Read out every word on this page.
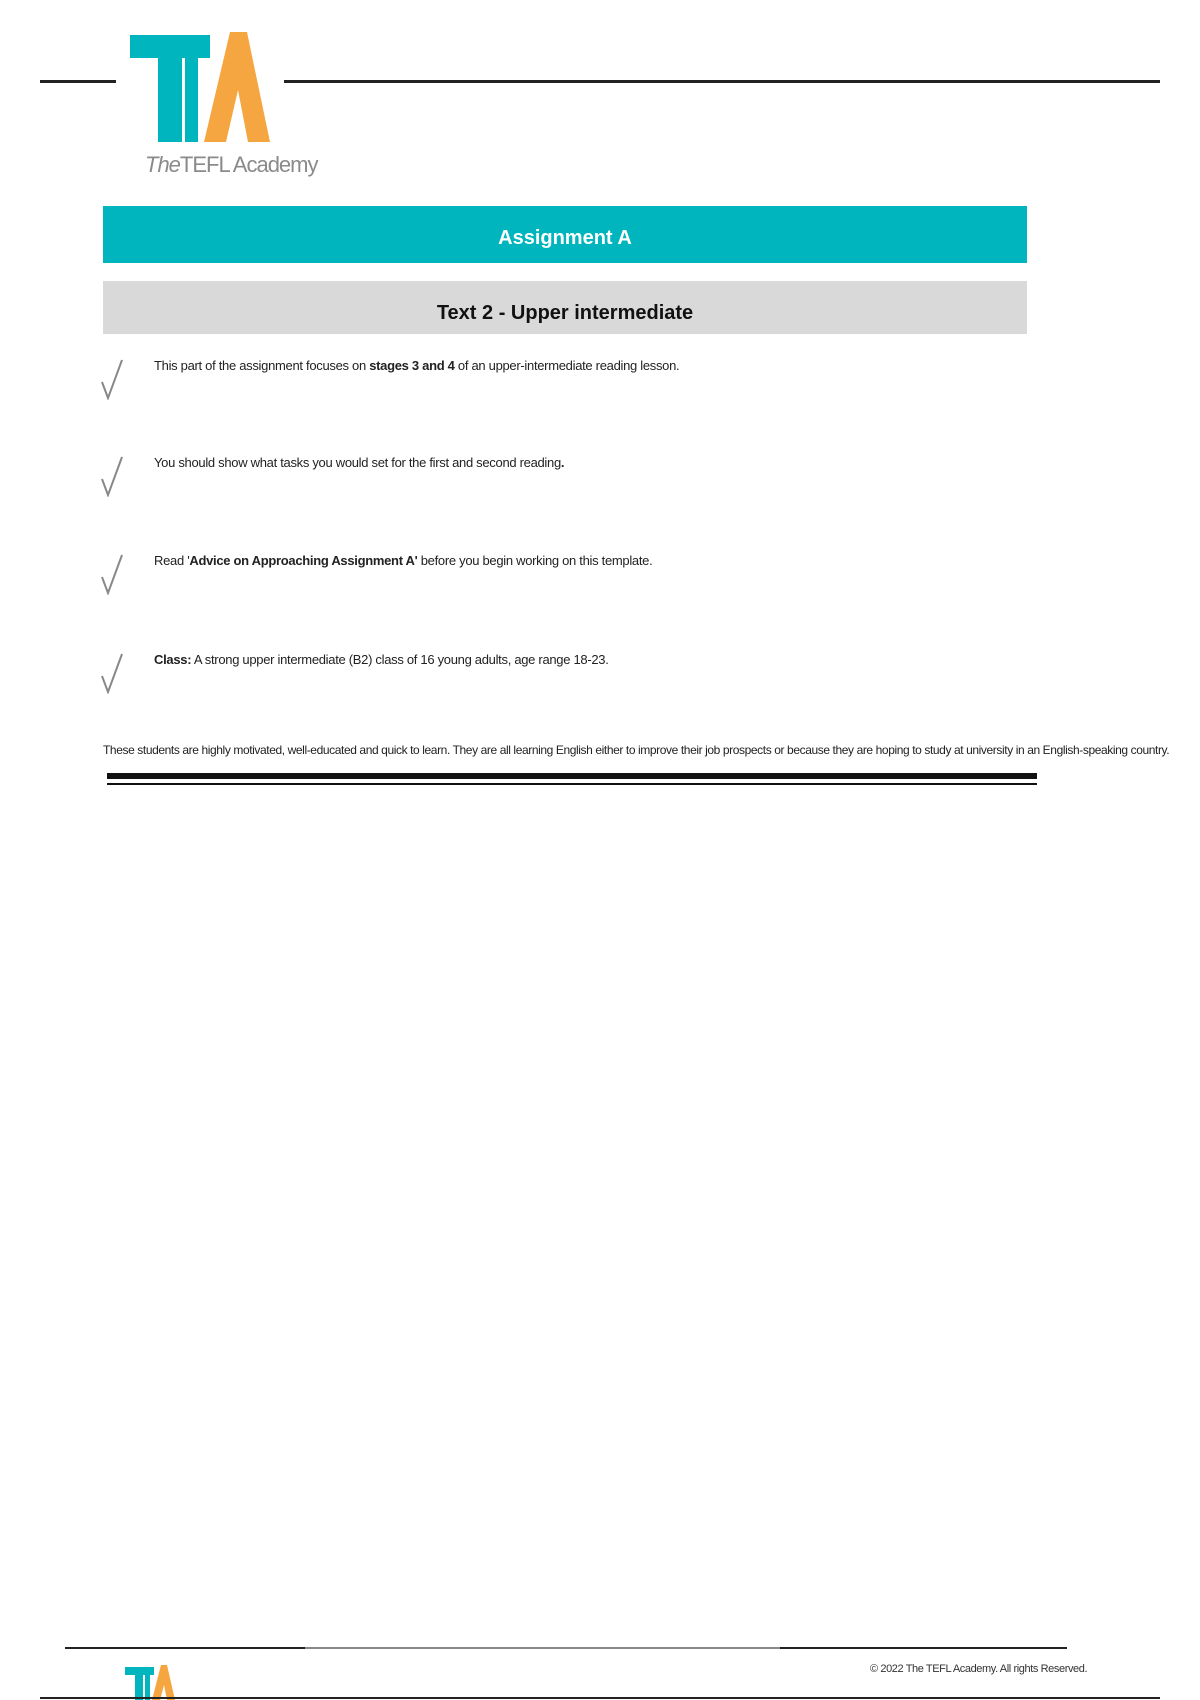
TheTEFL Academy
Assignment A
Text 2 - Upper intermediate
This part of the assignment focuses on stages 3 and 4 of an upper-intermediate reading lesson.
You should show what tasks you would set for the first and second reading.
Read 'Advice on Approaching Assignment A' before you begin working on this template.
Class: A strong upper intermediate (B2) class of 16 young adults, age range 18-23.
These students are highly motivated, well-educated and quick to learn. They are all learning English either to improve their job prospects or because they are hoping to study at university in an English-speaking country.
© 2022 The TEFL Academy. All rights Reserved.
